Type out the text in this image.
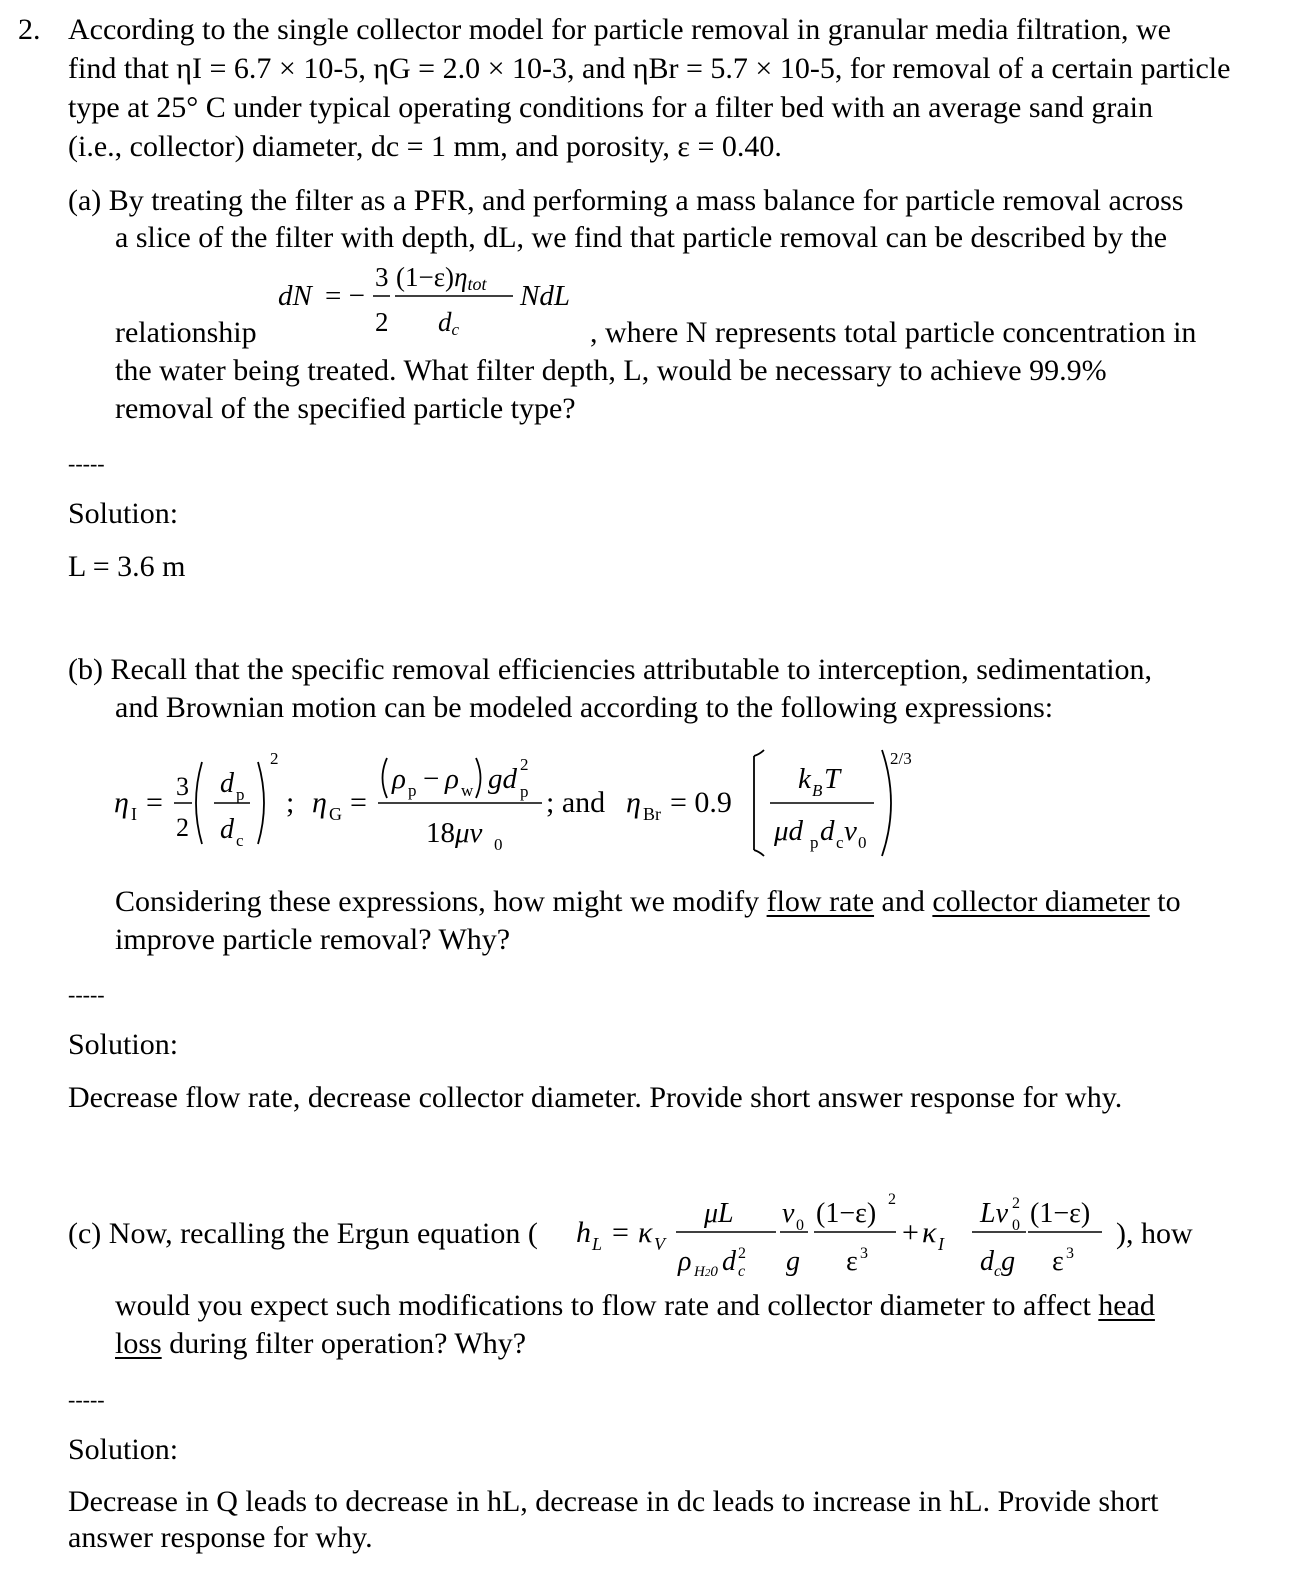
2. According to the single collector model for particle removal in granular media filtration, we
find that ηI = 6.7 × 10-5, ηG = 2.0 × 10-3, and ηBr = 5.7 × 10-5, for removal of a certain particle
type at 25° C under typical operating conditions for a filter bed with an average sand grain
(i.e., collector) diameter, dc = 1 mm, and porosity, ε = 0.40.
(a) By treating the filter as a PFR, and performing a mass balance for particle removal across
a slice of the filter with depth, dL, we find that particle removal can be described by the
dN = −
3
2
(1−ε)ηtot
dc
NdL
relationship	, where N represents total particle concentration in
the water being treated. What filter depth, L, would be necessary to achieve 99.9%
removal of the specified particle type?
-----
Solution:
L = 3.6 m
(b) Recall that the specific removal efficiencies attributable to interception, sedimentation,
and Brownian motion can be modeled according to the following expressions:
η I = 3
2
d p
d c
2
; η G =
ρ p − ρ w gd 2
p
18μv 0
; and η Br = 0.9
k B T
μd p d c v 0
2/3
Considering these expressions, how might we modify flow rate and collector diameter to
improve particle removal? Why?
-----
Solution:
Decrease flow rate, decrease collector diameter. Provide short answer response for why.
(c) Now, recalling the Ergun equation ( h L = κ V
μL
ρ H20 d 2
c
v 0
g
(1−ε) 2
ε 3
+ κ I
Lv 2
0
$d_cg$
(1−ε)
ε 3
), how
would you expect such modifications to flow rate and collector diameter to affect head
loss during filter operation? Why?
-----
Solution:
Decrease in Q leads to decrease in hL, decrease in dc leads to increase in hL. Provide short
answer response for why.
